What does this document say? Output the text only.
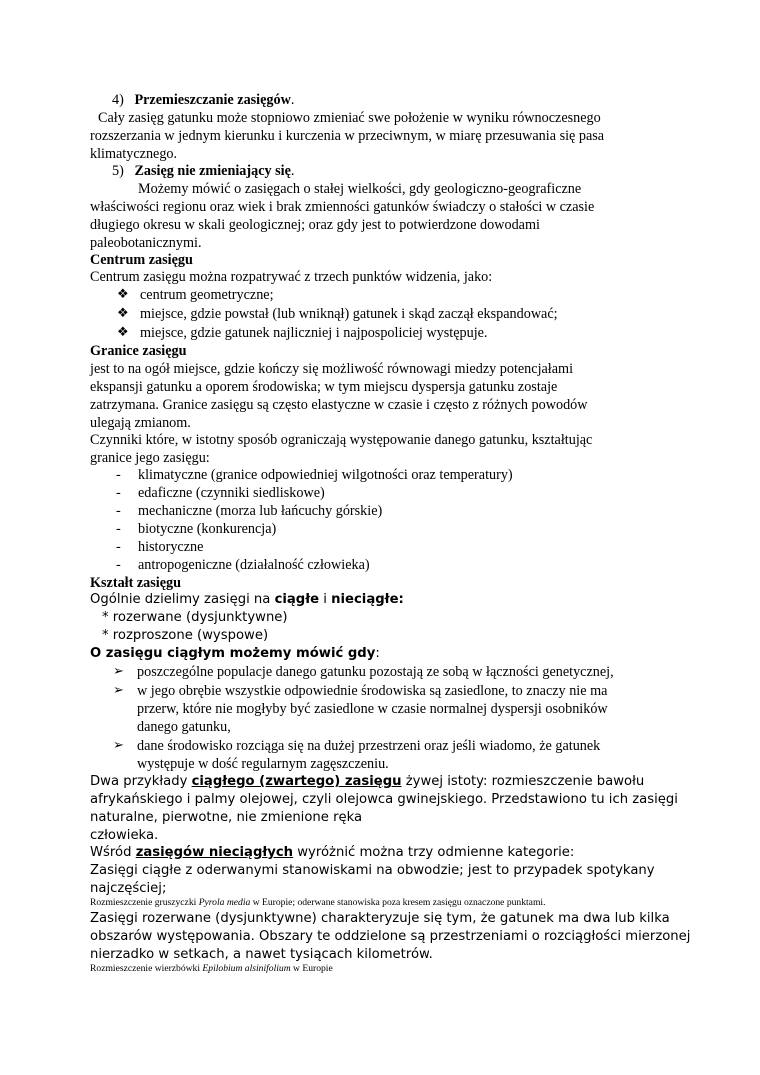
4) Przemieszczanie zasięgów.
Cały zasięg gatunku może stopniowo zmieniać swe położenie w wyniku równoczesnego
rozszerzania w jednym kierunku i kurczenia w przeciwnym, w miarę przesuwania się pasa
klimatycznego.
5) Zasięg nie zmieniający się.
Możemy mówić o zasięgach o stałej wielkości, gdy geologiczno-geograficzne
właściwości regionu oraz wiek i brak zmienności gatunków świadczy o stałości w czasie
długiego okresu w skali geologicznej; oraz gdy jest to potwierdzone dowodami
paleobotanicznymi.
Centrum zasięgu
Centrum zasięgu można rozpatrywać z trzech punktów widzenia, jako:
❖ centrum geometryczne;
❖ miejsce, gdzie powstał (lub wniknął) gatunek i skąd zaczął ekspandować;
❖ miejsce, gdzie gatunek najliczniej i najpospoliciej występuje.
Granice zasięgu
jest to na ogół miejsce, gdzie kończy się możliwość równowagi miedzy potencjałami
ekspansji gatunku a oporem środowiska; w tym miejscu dyspersja gatunku zostaje
zatrzymana. Granice zasięgu są często elastyczne w czasie i często z różnych powodów
ulegają zmianom.
Czynniki które, w istotny sposób ograniczają występowanie danego gatunku, kształtując
granice jego zasięgu:
- klimatyczne (granice odpowiedniej wilgotności oraz temperatury)
- edaficzne (czynniki siedliskowe)
- mechaniczne (morza lub łańcuchy górskie)
- biotyczne (konkurencja)
- historyczne
- antropogeniczne (działalność człowieka)
Kształt zasięgu
Ogólnie dzielimy zasięgi na ciągłe i nieciągłe:
* rozerwane (dysjunktywne)
* rozproszone (wyspowe)
O zasięgu ciągłym możemy mówić gdy:
➢ poszczególne populacje danego gatunku pozostają ze sobą w łączności genetycznej,
➢ w jego obrębie wszystkie odpowiednie środowiska są zasiedlone, to znaczy nie ma
przerw, które nie mogłyby być zasiedlone w czasie normalnej dyspersji osobników
danego gatunku,
➢ dane środowisko rozciąga się na dużej przestrzeni oraz jeśli wiadomo, że gatunek
występuje w dość regularnym zagęszczeniu.
Dwa przykłady ciągłego (zwartego) zasięgu żywej istoty: rozmieszczenie bawołu
afrykańskiego i palmy olejowej, czyli olejowca gwinejskiego. Przedstawiono tu ich zasięgi
naturalne, pierwotne, nie zmienione ręka
człowieka.
Wśród zasięgów nieciągłych wyróżnić można trzy odmienne kategorie:
Zasięgi ciągłe z oderwanymi stanowiskami na obwodzie; jest to przypadek spotykany
najczęściej;
Rozmieszczenie gruszyczki Pyrola media w Europie; oderwane stanowiska poza kresem zasięgu oznaczone punktami.
Zasięgi rozerwane (dysjunktywne) charakteryzuje się tym, że gatunek ma dwa lub kilka
obszarów występowania. Obszary te oddzielone są przestrzeniami o rozciągłości mierzonej
nierzadko w setkach, a nawet tysiącach kilometrów.
Rozmieszczenie wierzbówki Epilobium alsinifolium w Europie
